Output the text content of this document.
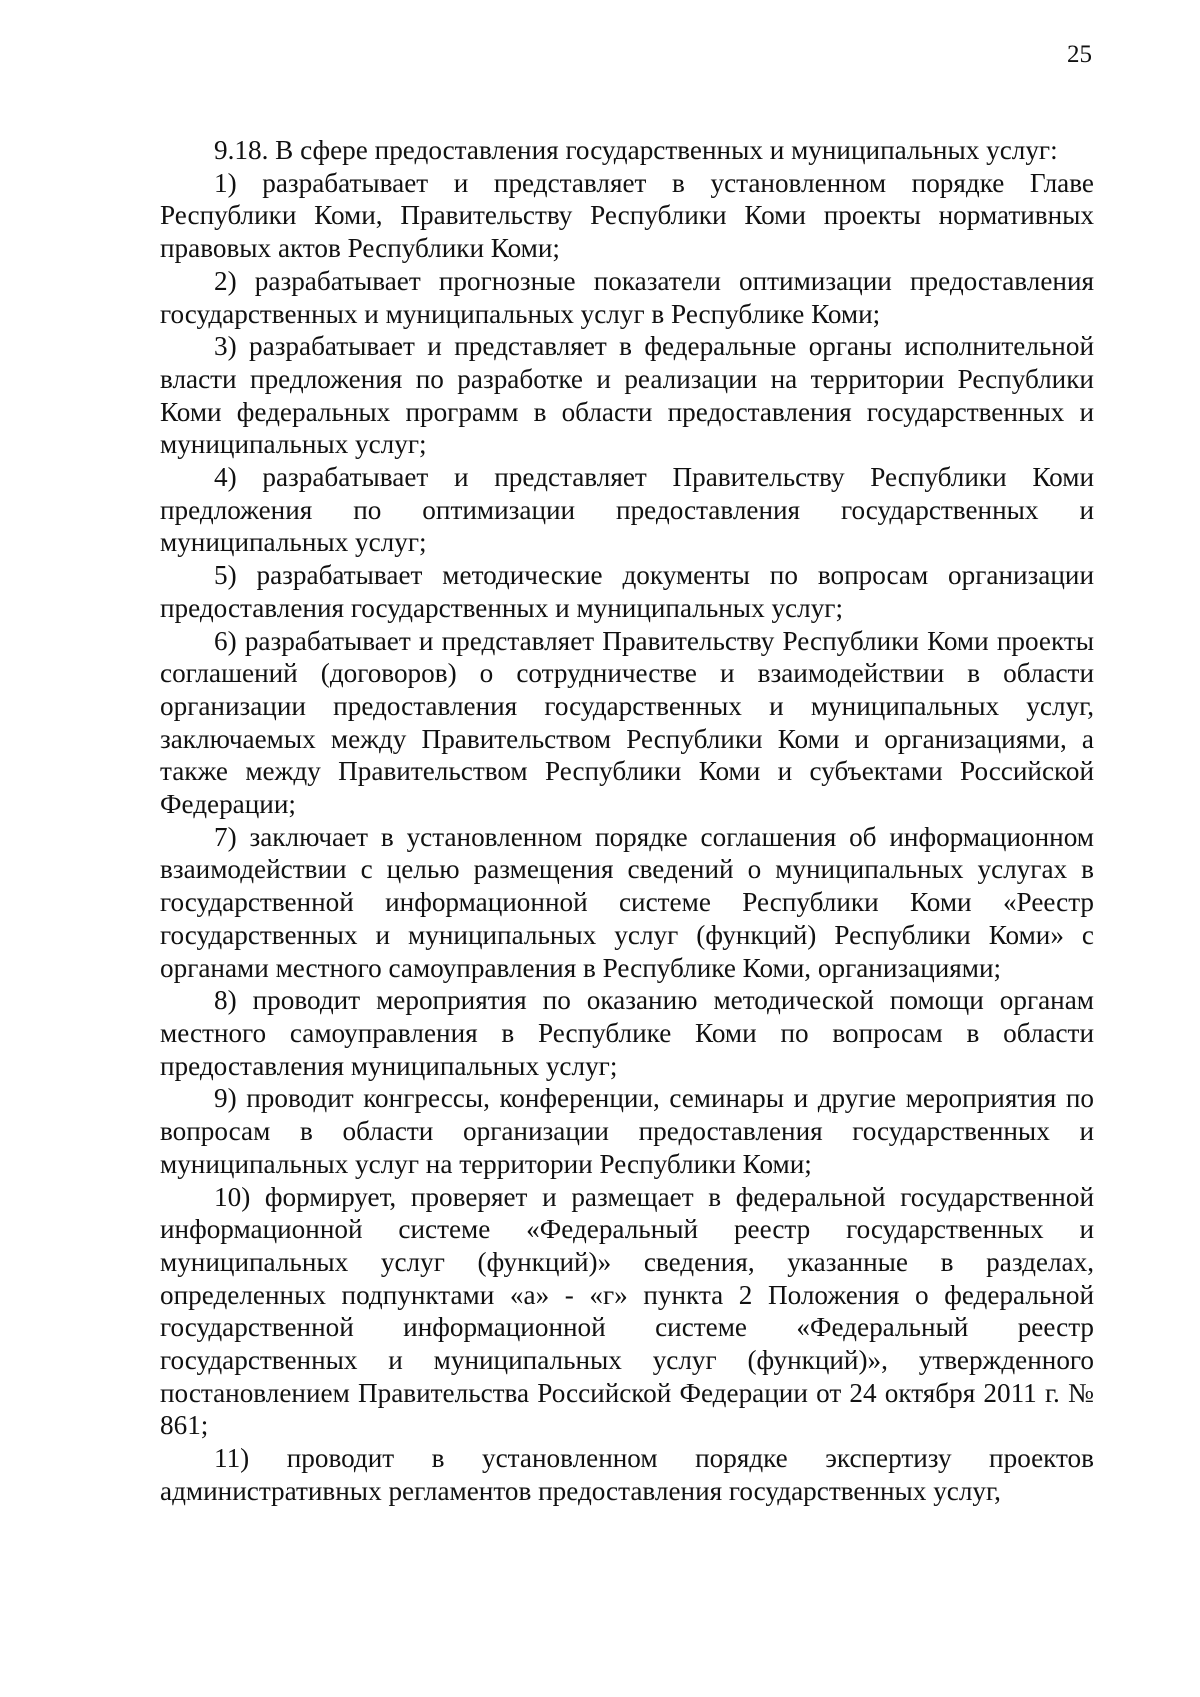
25

9.18. В сфере предоставления государственных и муниципальных услуг:

1) разрабатывает и представляет в установленном порядке Главе Республики Коми, Правительству Республики Коми проекты нормативных правовых актов Республики Коми;

2) разрабатывает прогнозные показатели оптимизации предоставления государственных и муниципальных услуг в Республике Коми;

3) разрабатывает и представляет в федеральные органы исполнительной власти предложения по разработке и реализации на территории Республики Коми федеральных программ в области предоставления государственных и муниципальных услуг;

4) разрабатывает и представляет Правительству Республики Коми предложения по оптимизации предоставления государственных и муниципальных услуг;

5) разрабатывает методические документы по вопросам организации предоставления государственных и муниципальных услуг;

6) разрабатывает и представляет Правительству Республики Коми проекты соглашений (договоров) о сотрудничестве и взаимодействии в области организации предоставления государственных и муниципальных услуг, заключаемых между Правительством Республики Коми и организациями, а также между Правительством Республики Коми и субъектами Российской Федерации;

7) заключает в установленном порядке соглашения об информационном взаимодействии с целью размещения сведений о муниципальных услугах в государственной информационной системе Республики Коми «Реестр государственных и муниципальных услуг (функций) Республики Коми» с органами местного самоуправления в Республике Коми, организациями;

8) проводит мероприятия по оказанию методической помощи органам местного самоуправления в Республике Коми по вопросам в области предоставления муниципальных услуг;

9) проводит конгрессы, конференции, семинары и другие мероприятия по вопросам в области организации предоставления государственных и муниципальных услуг на территории Республики Коми;

10) формирует, проверяет и размещает в федеральной государственной информационной системе «Федеральный реестр государственных и муниципальных услуг (функций)» сведения, указанные в разделах, определенных подпунктами «а» - «г» пункта 2 Положения о федеральной государственной информационной системе «Федеральный реестр государственных и муниципальных услуг (функций)», утвержденного постановлением Правительства Российской Федерации от 24 октября 2011 г. № 861;

11) проводит в установленном порядке экспертизу проектов административных регламентов предоставления государственных услуг,
